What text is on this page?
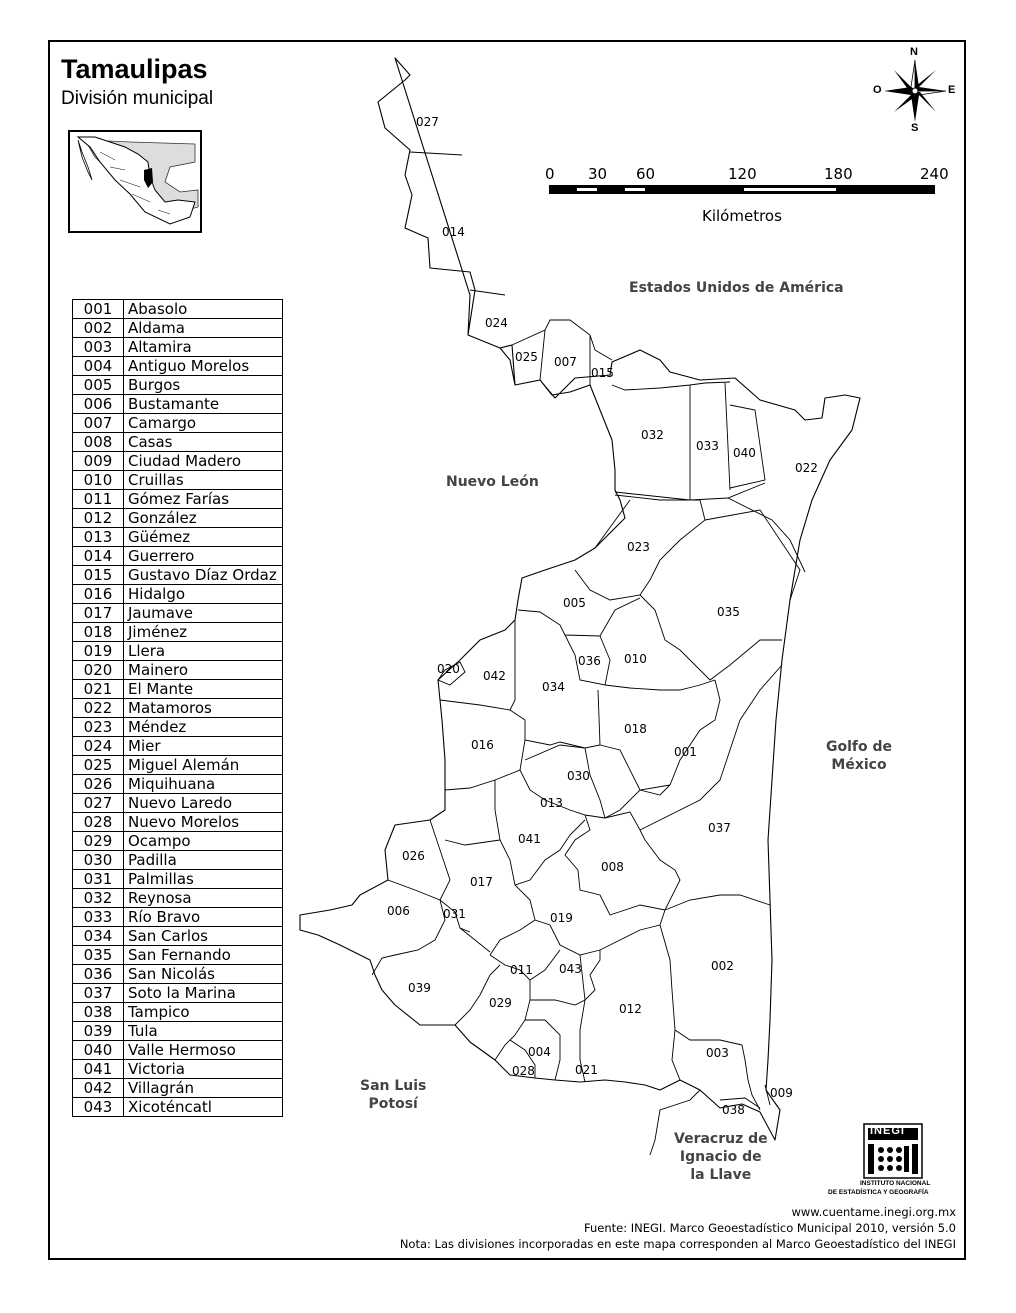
Tamaulipas
División municipal
001	Abasolo
002	Aldama
003	Altamira
004	Antiguo Morelos
005	Burgos
006	Bustamante
007	Camargo
008	Casas
009	Ciudad Madero
010	Cruillas
011	Gómez Farías
012	González
013	Güémez
014	Guerrero
015	Gustavo Díaz Ordaz
016	Hidalgo
017	Jaumave
018	Jiménez
019	Llera
020	Mainero
021	El Mante
022	Matamoros
023	Méndez
024	Mier
025	Miguel Alemán
026	Miquihuana
027	Nuevo Laredo
028	Nuevo Morelos
029	Ocampo
030	Padilla
031	Palmillas
032	Reynosa
033	Río Bravo
034	San Carlos
035	San Fernando
036	San Nicolás
037	Soto la Marina
038	Tampico
039	Tula
040	Valle Hermoso
041	Victoria
042	Villagrán
043	Xicoténcatl
N
S
O	E
0 30 60	120	180	240
Kilómetros
027
014
024
025 007
015
032
033 040
022
023
005
035
036 010
020 042
034
018
016	001
030
013
037
041
026
008
017
006	031	019
002
011 043
039
029	012
004	003
028	021
009
038
Estados Unidos de América
Nuevo León
Golfo de
México
San Luis
Potosí
Veracruz de
Ignacio de
la Llave
INEGI
INSTITUTO NACIONAL
DE ESTADÍSTICA Y GEOGRAFÍA
www.cuentame.inegi.org.mx
Fuente: INEGI. Marco Geoestadístico Municipal 2010, versión 5.0
Nota: Las divisiones incorporadas en este mapa corresponden al Marco Geoestadístico del INEGI
